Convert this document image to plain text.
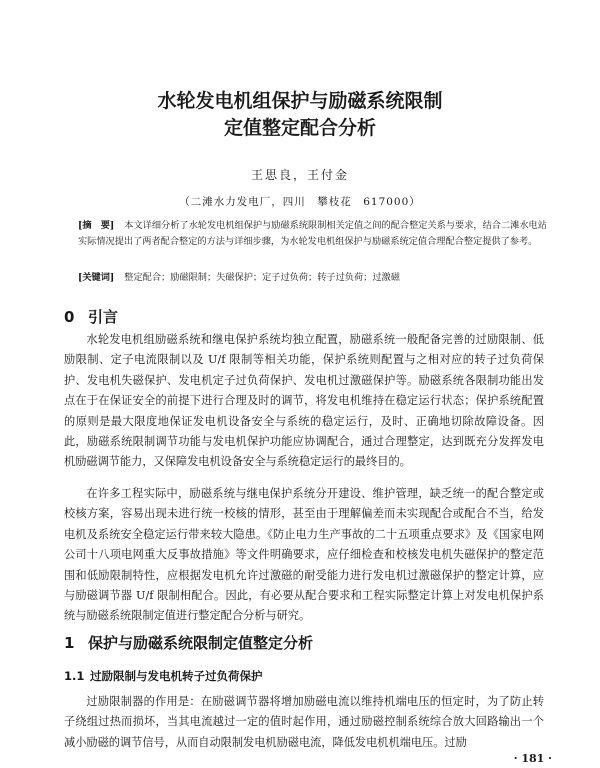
水轮发电机组保护与励磁系统限制

定值整定配合分析

王思良，王付金
（二滩水力发电厂，四川　攀枝花　617000）
[摘　要] 本文详细分析了水轮发电机组保护与励磁系统限制相关定值之间的配合整定关系与要求，结合二滩水电站实际情况提出了两者配合整定的方法与详细步骤，为水轮发电机组保护与励磁系统定值合理配合整定提供了参考。
[关键词] 整定配合；励磁限制；失磁保护；定子过负荷；转子过负荷；过激磁
0 引言

水轮发电机组励磁系统和继电保护系统均独立配置，励磁系统一般配备完善的过励限制、低励限制、定子电流限制以及 U/f 限制等相关功能，保护系统则配置与之相对应的转子过负荷保护、发电机失磁保护、发电机定子过负荷保护、发电机过激磁保护等。励磁系统各限制功能出发点在于在保证安全的前提下进行合理及时的调节，将发电机维持在稳定运行状态；保护系统配置的原则是最大限度地保证发电机设备安全与系统的稳定运行，及时、正确地切除故障设备。因此，励磁系统限制调节功能与发电机保护功能应协调配合，通过合理整定，达到既充分发挥发电机励磁调节能力，又保障发电机设备安全与系统稳定运行的最终目的。

在许多工程实际中，励磁系统与继电保护系统分开建设、维护管理，缺乏统一的配合整定或校核方案，容易出现未进行统一校核的情形，甚至由于理解偏差而未实现配合或配合不当，给发电机及系统安全稳定运行带来较大隐患。《防止电力生产事故的二十五项重点要求》及《国家电网公司十八项电网重大反事故措施》等文件明确要求，应仔细检查和校核发电机失磁保护的整定范围和低励限制特性，应根据发电机允许过激磁的耐受能力进行发电机过激磁保护的整定计算，应与励磁调节器 U/f 限制相配合。因此，有必要从配合要求和工程实际整定计算上对发电机保护系统与励磁系统限制定值进行整定配合分析与研究。

1 保护与励磁系统限制定值整定分析
1.1 过励限制与发电机转子过负荷保护

过励限制器的作用是：在励磁调节器将增加励磁电流以维持机端电压的恒定时，为了防止转子绕组过热而损坏，当其电流越过一定的值时起作用，通过励磁控制系统综合放大回路输出一个减小励磁的调节信号，从而自动限制发电机励磁电流，降低发电机机端电压。过励

· 181 ·
